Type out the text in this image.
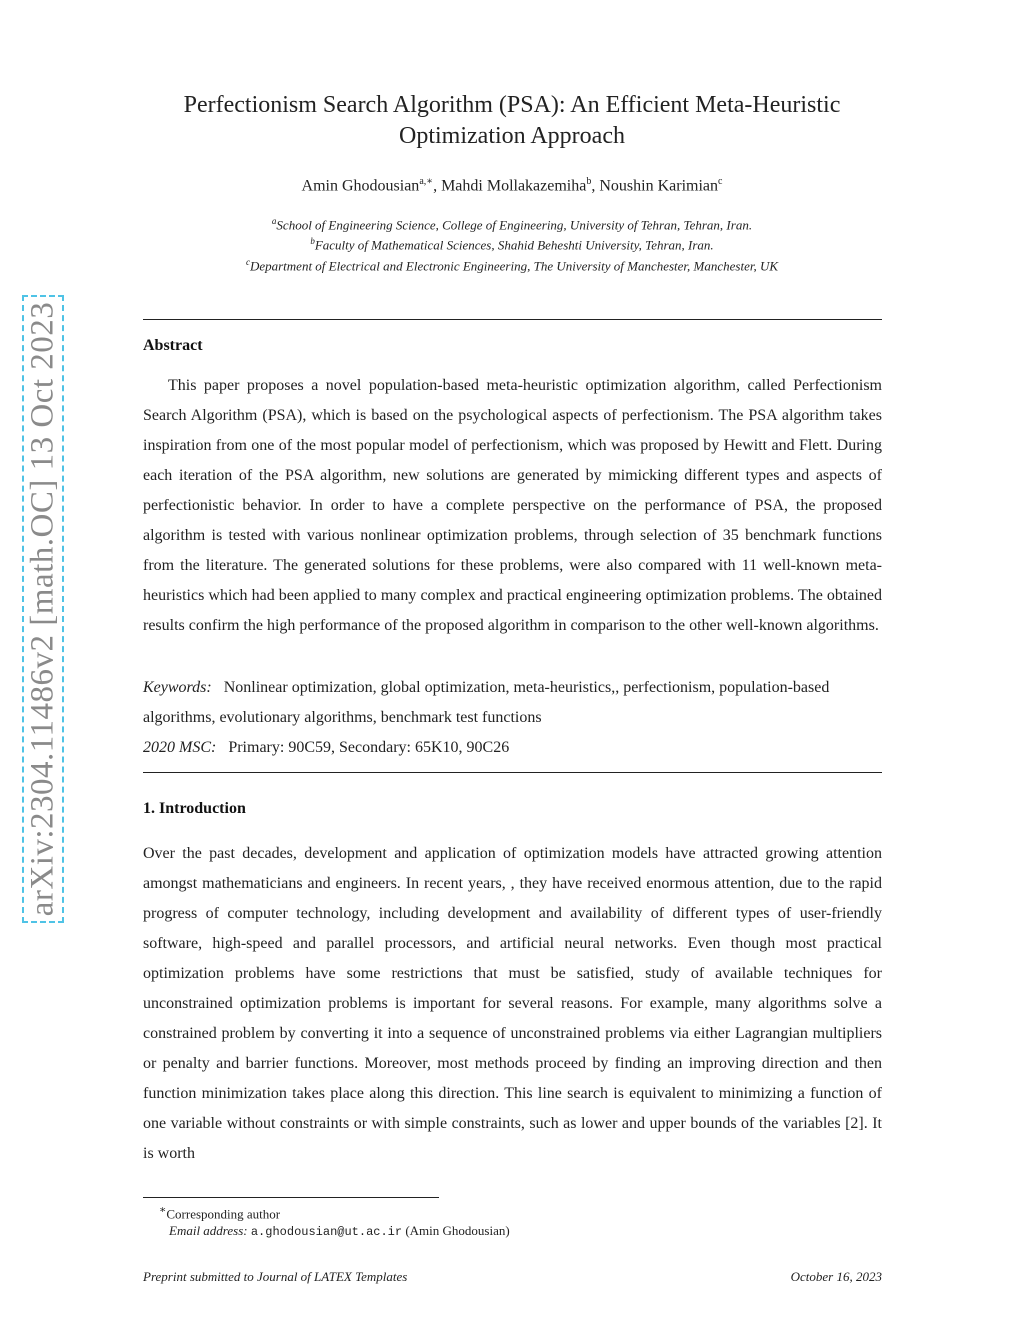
arXiv:2304.11486v2 [math.OC] 13 Oct 2023
Perfectionism Search Algorithm (PSA): An Efficient Meta-Heuristic
Optimization Approach
Amin Ghodousian$^{a,∗}$, Mahdi Mollakazemiha$^b$, Noushin Karimian$^c$
$^a$School of Engineering Science, College of Engineering, University of Tehran, Tehran, Iran.
$^b$Faculty of Mathematical Sciences, Shahid Beheshti University, Tehran, Iran.
$^c$Department of Electrical and Electronic Engineering, The University of Manchester, Manchester, UK
Abstract
This paper proposes a novel population-based meta-heuristic optimization algorithm, called Perfectionism Search Algorithm (PSA), which is based on the psychological aspects of perfectionism. The PSA algorithm takes inspiration from one of the most popular model of perfectionism, which was proposed by Hewitt and Flett. During each iteration of the PSA algorithm, new solutions are generated by mimicking different types and aspects of perfectionistic behavior. In order to have a complete perspective on the performance of PSA, the proposed algorithm is tested with various nonlinear optimization problems, through selection of 35 benchmark functions from the literature. The generated solutions for these problems, were also compared with 11 well-known meta-heuristics which had been applied to many complex and practical engineering optimization problems. The obtained results confirm the high performance of the proposed algorithm in comparison to the other well-known algorithms.
Keywords: Nonlinear optimization, global optimization, meta-heuristics,, perfectionism, population-based algorithms, evolutionary algorithms, benchmark test functions
2020 MSC: Primary: 90C59, Secondary: 65K10, 90C26
1. Introduction
Over the past decades, development and application of optimization models have attracted growing attention amongst mathematicians and engineers. In recent years, , they have received enormous attention, due to the rapid progress of computer technology, including development and availability of different types of user-friendly software, high-speed and parallel processors, and artificial neural networks. Even though most practical optimization problems have some restrictions that must be satisfied, study of available techniques for unconstrained optimization problems is important for several reasons. For example, many algorithms solve a constrained problem by converting it into a sequence of unconstrained problems via either Lagrangian multipliers or penalty and barrier functions. Moreover, most methods proceed by finding an improving direction and then function minimization takes place along this direction. This line search is equivalent to minimizing a function of one variable without constraints or with simple constraints, such as lower and upper bounds of the variables [2]. It is worth
∗Corresponding author
Email address: a.ghodousian@ut.ac.ir (Amin Ghodousian)
Preprint submitted to Journal of LATEX Templates	October 16, 2023
